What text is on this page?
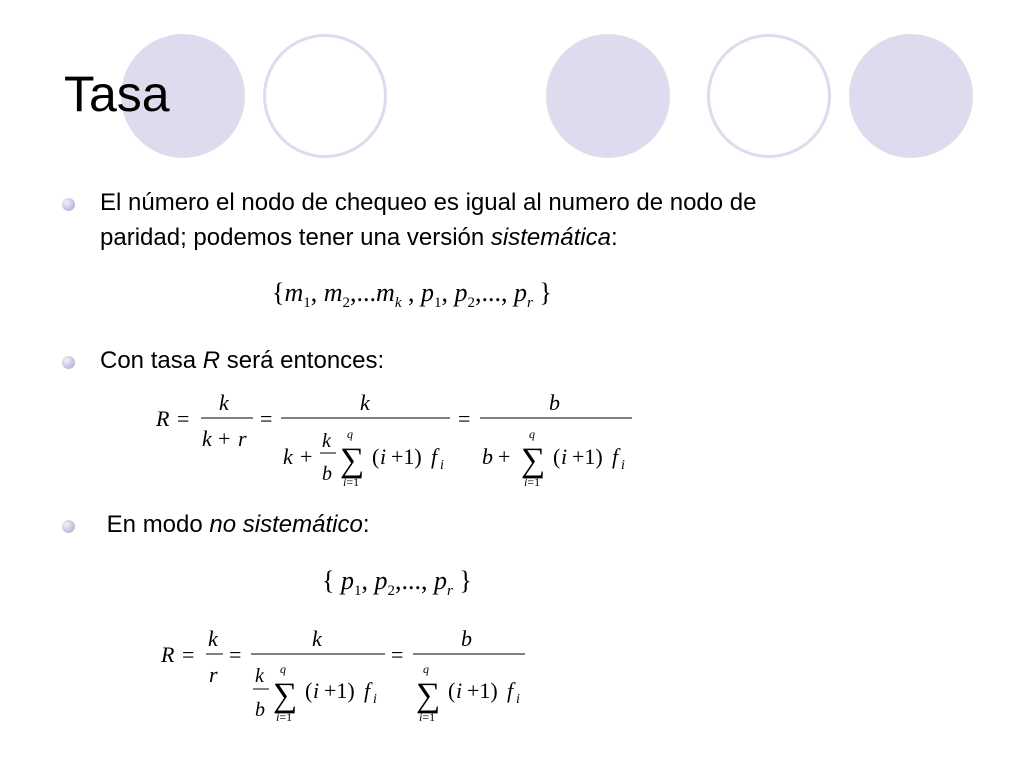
Tasa
El número el nodo de chequeo es igual al numero de nodo de
paridad; podemos tener una versión sistemática:
{$m_1$, $m_2,...m_k$ , $p_1$, $p_2$,..., $p_r$ }
Con tasa R será entonces:
R =
k
k + r
=
k
k +
k
b
q
∑
i=1
( i +1) f i
=
b
b +
q
∑
i=1
( i +1) f i
En modo no sistemático:
{ $p_1$, $p_2$,..., $p_r$ }
R =
k
r
=
k
k
b
q
∑
i=1
( i +1) f i
=
b
q
∑
i=1
( i +1) f i
